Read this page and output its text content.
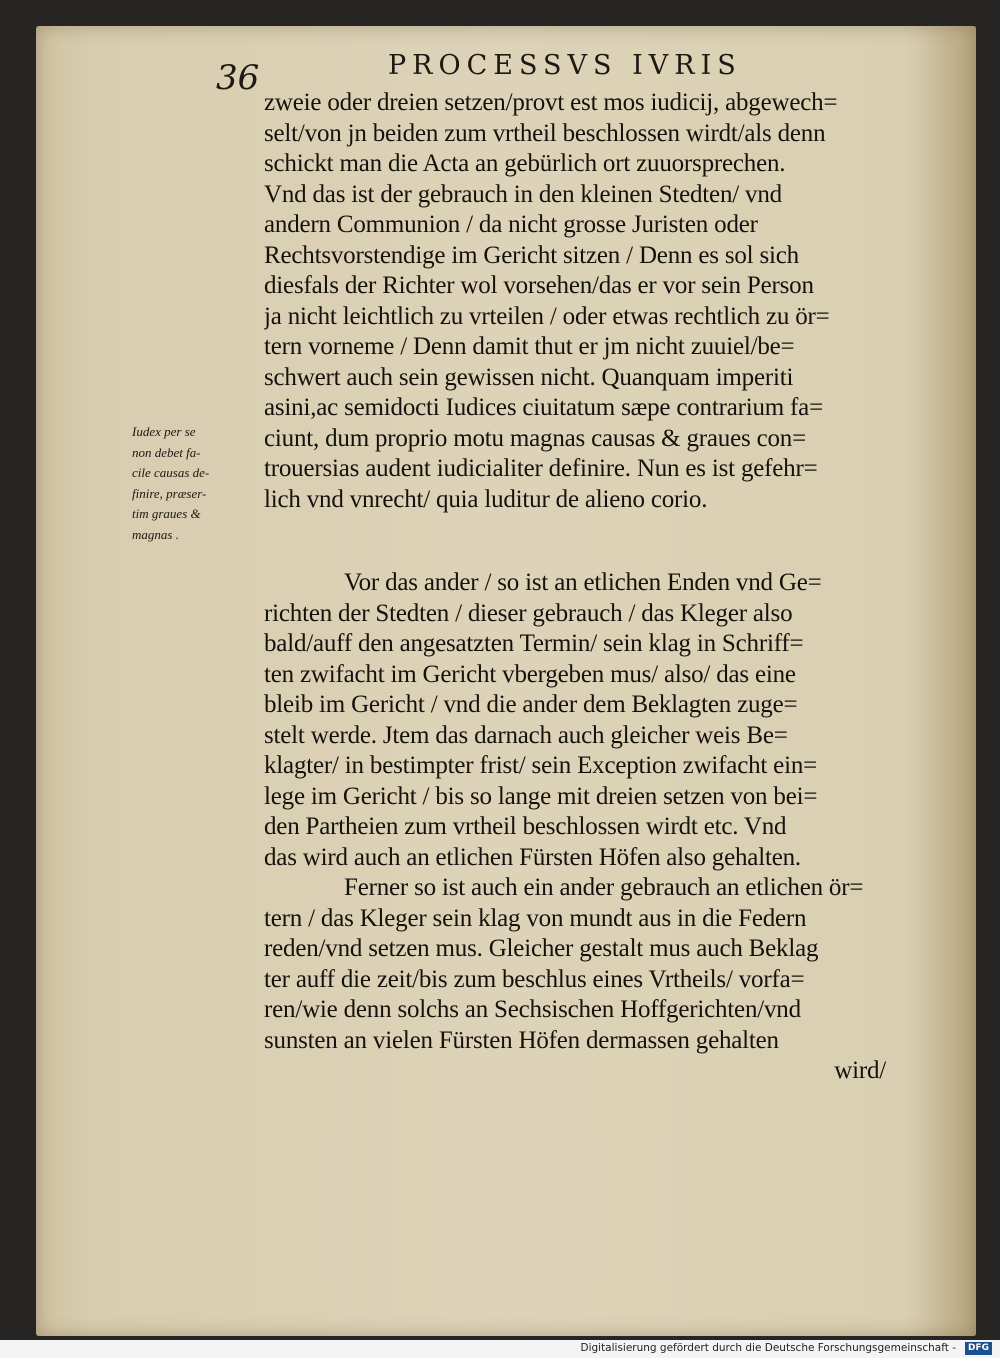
36	PROCESSVS IVRIS
Iudex per se
non debet fa-
cile causas de-
finire, præser-
tim graues &
magnas .
zweie oder dreien setzen/provt est mos iudicij, abgewech=
selt/von jn beiden zum vrtheil beschlossen wirdt/als denn
schickt man die Acta an gebürlich ort zuuorsprechen.
Vnd das ist der gebrauch in den kleinen Stedten/ vnd
andern Communion / da nicht grosse Juristen oder
Rechtsvorstendige im Gericht sitzen / Denn es sol sich
diesfals der Richter wol vorsehen/das er vor sein Person
ja nicht leichtlich zu vrteilen / oder etwas rechtlich zu ör=
tern vorneme / Denn damit thut er jm nicht zuuiel/be=
schwert auch sein gewissen nicht. Quanquam imperiti
asini,ac semidocti Iudices ciuitatum sæpe contrarium fa=
ciunt, dum proprio motu magnas causas & graues con=
trouersias audent iudicialiter definire. Nun es ist gefehr=
lich vnd vnrecht/ quia luditur de alieno corio.
Vor das ander / so ist an etlichen Enden vnd Ge=
richten der Stedten / dieser gebrauch / das Kleger also
bald/auff den angesatzten Termin/ sein klag in Schriff=
ten zwifacht im Gericht vbergeben mus/ also/ das eine
bleib im Gericht / vnd die ander dem Beklagten zuge=
stelt werde. Jtem das darnach auch gleicher weis Be=
klagter/ in bestimpter frist/ sein Exception zwifacht ein=
lege im Gericht / bis so lange mit dreien setzen von bei=
den Partheien zum vrtheil beschlossen wirdt etc. Vnd
das wird auch an etlichen Fürsten Höfen also gehalten.
Ferner so ist auch ein ander gebrauch an etlichen ör=
tern / das Kleger sein klag von mundt aus in die Federn
reden/vnd setzen mus. Gleicher gestalt mus auch Beklag
ter auff die zeit/bis zum beschlus eines Vrtheils/ vorfa=
ren/wie denn solchs an Sechsischen Hoffgerichten/vnd
sunsten an vielen Fürsten Höfen dermassen gehalten
wird/
Digitalisierung gefördert durch die Deutsche Forschungsgemeinschaft -	DFG
